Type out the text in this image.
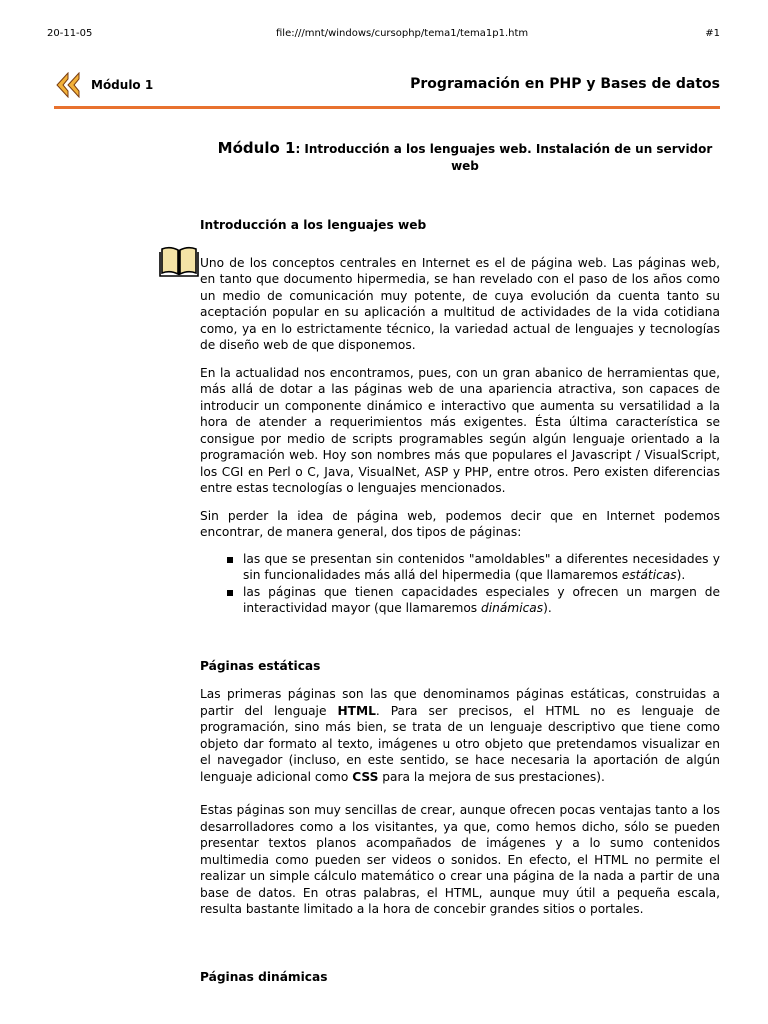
20-11-05	file:///mnt/windows/cursophp/tema1/tema1p1.htm	#1
Módulo 1	Programación en PHP y Bases de datos
Módulo 1: Introducción a los lenguajes web. Instalación de un servidor web
Introducción a los lenguajes web

Uno de los conceptos centrales en Internet es el de página web. Las páginas web, en tanto que documento hipermedia, se han revelado con el paso de los años como un medio de comunicación muy potente, de cuya evolución da cuenta tanto su aceptación popular en su aplicación a multitud de actividades de la vida cotidiana como, ya en lo estrictamente técnico, la variedad actual de lenguajes y tecnologías de diseño web de que disponemos.

En la actualidad nos encontramos, pues, con un gran abanico de herramientas que, más allá de dotar a las páginas web de una apariencia atractiva, son capaces de introducir un componente dinámico e interactivo que aumenta su versatilidad a la hora de atender a requerimientos más exigentes. Ésta última característica se consigue por medio de scripts programables según algún lenguaje orientado a la programación web. Hoy son nombres más que populares el Javascript / VisualScript, los CGI en Perl o C, Java, VisualNet, ASP y PHP, entre otros. Pero existen diferencias entre estas tecnologías o lenguajes mencionados.

Sin perder la idea de página web, podemos decir que en Internet podemos encontrar, de manera general, dos tipos de páginas:

las que se presentan sin contenidos "amoldables" a diferentes necesidades y sin funcionalidades más allá del hipermedia (que llamaremos estáticas).
las páginas que tienen capacidades especiales y ofrecen un margen de interactividad mayor (que llamaremos dinámicas).
Páginas estáticas

Las primeras páginas son las que denominamos páginas estáticas, construidas a partir del lenguaje HTML. Para ser precisos, el HTML no es lenguaje de programación, sino más bien, se trata de un lenguaje descriptivo que tiene como objeto dar formato al texto, imágenes u otro objeto que pretendamos visualizar en el navegador (incluso, en este sentido, se hace necesaria la aportación de algún lenguaje adicional como CSS para la mejora de sus prestaciones).

Estas páginas son muy sencillas de crear, aunque ofrecen pocas ventajas tanto a los desarrolladores como a los visitantes, ya que, como hemos dicho, sólo se pueden presentar textos planos acompañados de imágenes y a lo sumo contenidos multimedia como pueden ser videos o sonidos. En efecto, el HTML no permite el realizar un simple cálculo matemático o crear una página de la nada a partir de una base de datos. En otras palabras, el HTML, aunque muy útil a pequeña escala, resulta bastante limitado a la hora de concebir grandes sitios o portales.

Páginas dinámicas
